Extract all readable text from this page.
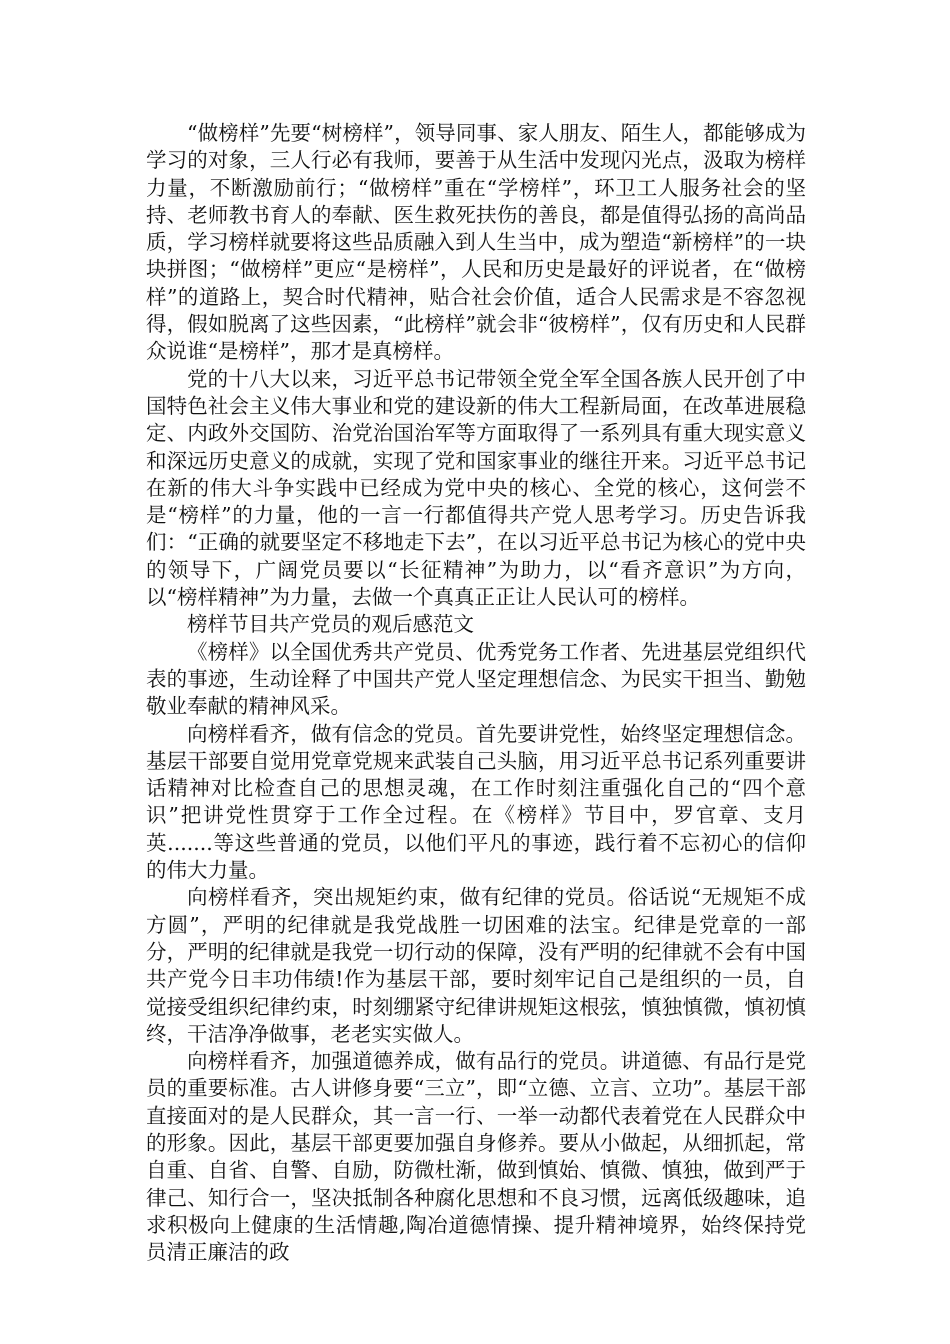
“做榜样”先要“树榜样”，领导同事、家人朋友、陌生人，都能够成为学习的对象，三人行必有我师，要善于从生活中发现闪光点，汲取为榜样力量，不断激励前行；“做榜样”重在“学榜样”，环卫工人服务社会的坚持、老师教书育人的奉献、医生救死扶伤的善良，都是值得弘扬的高尚品质，学习榜样就要将这些品质融入到人生当中，成为塑造“新榜样”的一块块拼图；“做榜样”更应“是榜样”，人民和历史是最好的评说者，在“做榜样”的道路上，契合时代精神，贴合社会价值，适合人民需求是不容忽视得，假如脱离了这些因素，“此榜样”就会非“彼榜样”，仅有历史和人民群众说谁“是榜样”，那才是真榜样。

党的十八大以来，习近平总书记带领全党全军全国各族人民开创了中国特色社会主义伟大事业和党的建设新的伟大工程新局面，在改革进展稳定、内政外交国防、治党治国治军等方面取得了一系列具有重大现实意义和深远历史意义的成就，实现了党和国家事业的继往开来。习近平总书记在新的伟大斗争实践中已经成为党中央的核心、全党的核心，这何尝不是“榜样”的力量，他的一言一行都值得共产党人思考学习。历史告诉我们：“正确的就要坚定不移地走下去”，在以习近平总书记为核心的党中央的领导下，广阔党员要以“长征精神”为助力，以“看齐意识”为方向，以“榜样精神”为力量，去做一个真真正正让人民认可的榜样。

榜样节目共产党员的观后感范文

《榜样》以全国优秀共产党员、优秀党务工作者、先进基层党组织代表的事迹，生动诠释了中国共产党人坚定理想信念、为民实干担当、勤勉敬业奉献的精神风采。

向榜样看齐，做有信念的党员。首先要讲党性，始终坚定理想信念。基层干部要自觉用党章党规来武装自己头脑，用习近平总书记系列重要讲话精神对比检查自己的思想灵魂，在工作时刻注重强化自己的“四个意识”把讲党性贯穿于工作全过程。在《榜样》节目中，罗官章、支月英.......等这些普通的党员，以他们平凡的事迹，践行着不忘初心的信仰的伟大力量。

向榜样看齐，突出规矩约束，做有纪律的党员。俗话说“无规矩不成方圆”，严明的纪律就是我党战胜一切困难的法宝。纪律是党章的一部分，严明的纪律就是我党一切行动的保障，没有严明的纪律就不会有中国共产党今日丰功伟绩!作为基层干部，要时刻牢记自己是组织的一员，自觉接受组织纪律约束，时刻绷紧守纪律讲规矩这根弦，慎独慎微，慎初慎终，干洁净净做事，老老实实做人。

向榜样看齐，加强道德养成，做有品行的党员。讲道德、有品行是党员的重要标准。古人讲修身要“三立”，即“立德、立言、立功”。基层干部直接面对的是人民群众，其一言一行、一举一动都代表着党在人民群众中的形象。因此，基层干部更要加强自身修养。要从小做起，从细抓起，常自重、自省、自警、自励，防微杜渐，做到慎始、慎微、慎独，做到严于律己、知行合一，坚决抵制各种腐化思想和不良习惯，远离低级趣味，追求积极向上健康的生活情趣,陶冶道德情操、提升精神境界，始终保持党员清正廉洁的政
